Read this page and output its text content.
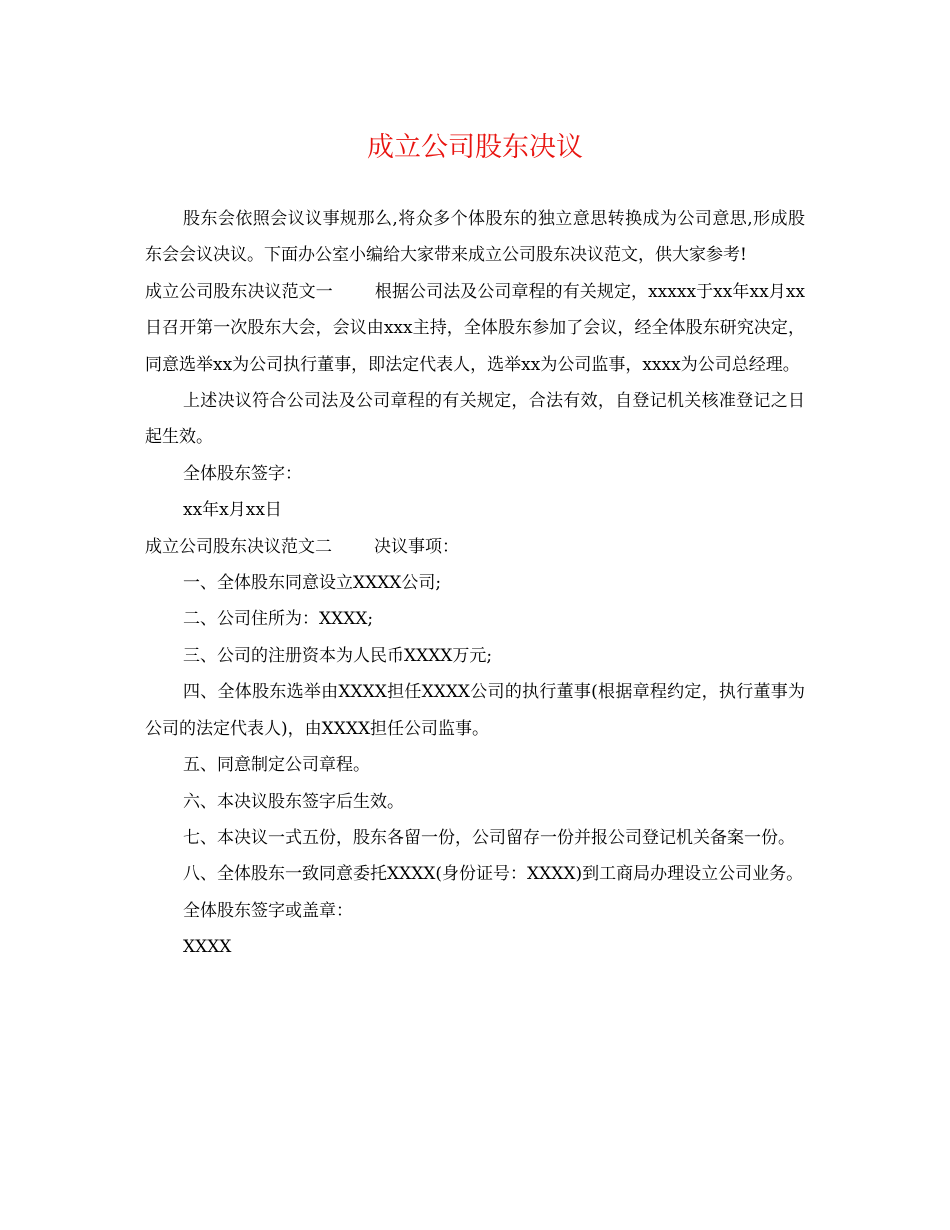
成立公司股东决议

股东会依照会议议事规那么,将众多个体股东的独立意思转换成为公司意思,形成股东会会议决议。下面办公室小编给大家带来成立公司股东决议范文，供大家参考!

成立公司股东决议范文一 根据公司法及公司章程的有关规定，xxxxx于xx年xx月xx日召开第一次股东大会，会议由xxx主持，全体股东参加了会议，经全体股东研究决定，同意选举xx为公司执行董事，即法定代表人，选举xx为公司监事，xxxx为公司总经理。

上述决议符合公司法及公司章程的有关规定，合法有效，自登记机关核准登记之日起生效。

全体股东签字：

xx年x月xx日

成立公司股东决议范文二 决议事项：

一、全体股东同意设立XXXX公司;

二、公司住所为：XXXX;

三、公司的注册资本为人民币XXXX万元;

四、全体股东选举由XXXX担任XXXX公司的执行董事(根据章程约定，执行董事为公司的法定代表人)，由XXXX担任公司监事。

五、同意制定公司章程。

六、本决议股东签字后生效。

七、本决议一式五份，股东各留一份，公司留存一份并报公司登记机关备案一份。

八、全体股东一致同意委托XXXX(身份证号：XXXX)到工商局办理设立公司业务。

全体股东签字或盖章：

XXXX
